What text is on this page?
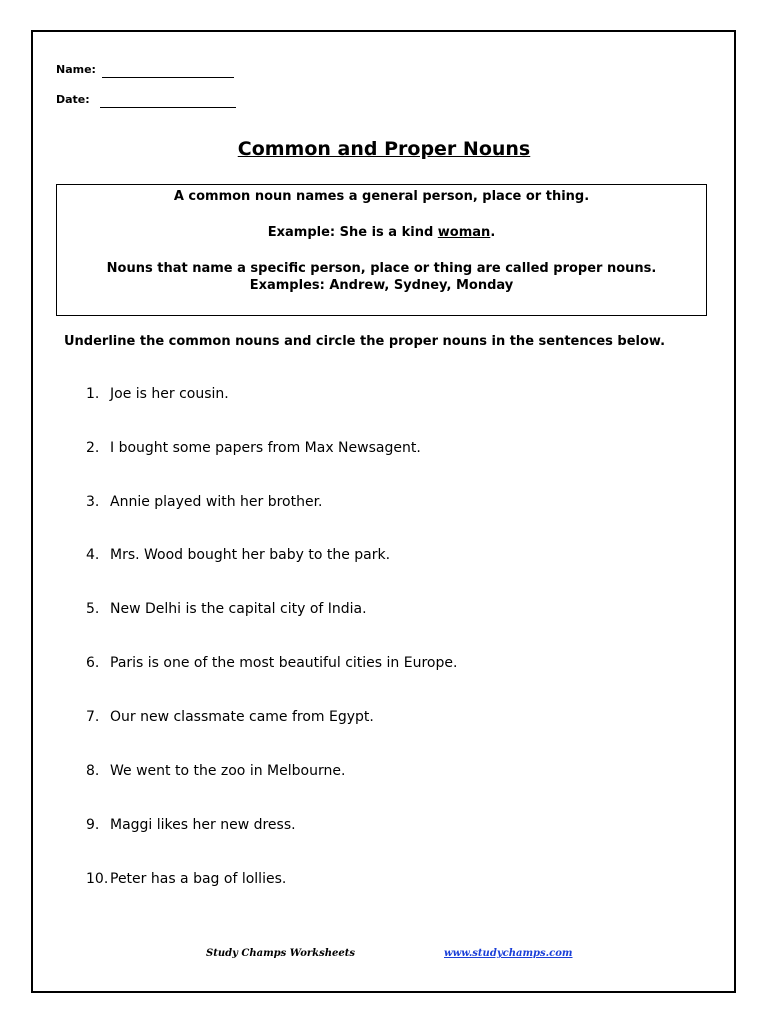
Name:
Date:
Common and Proper Nouns

A common noun names a general person, place or thing.

Example: She is a kind woman.

Nouns that name a specific person, place or thing are called proper nouns.

Examples: Andrew, Sydney, Monday

Underline the common nouns and circle the proper nouns in the sentences below.
1. Joe is her cousin.
2. I bought some papers from Max Newsagent.
3. Annie played with her brother.
4. Mrs. Wood bought her baby to the park.
5. New Delhi is the capital city of India.
6. Paris is one of the most beautiful cities in Europe.
7. Our new classmate came from Egypt.
8. We went to the zoo in Melbourne.
9. Maggi likes her new dress.
10. Peter has a bag of lollies.
Study Champs Worksheets	www.studychamps.com
